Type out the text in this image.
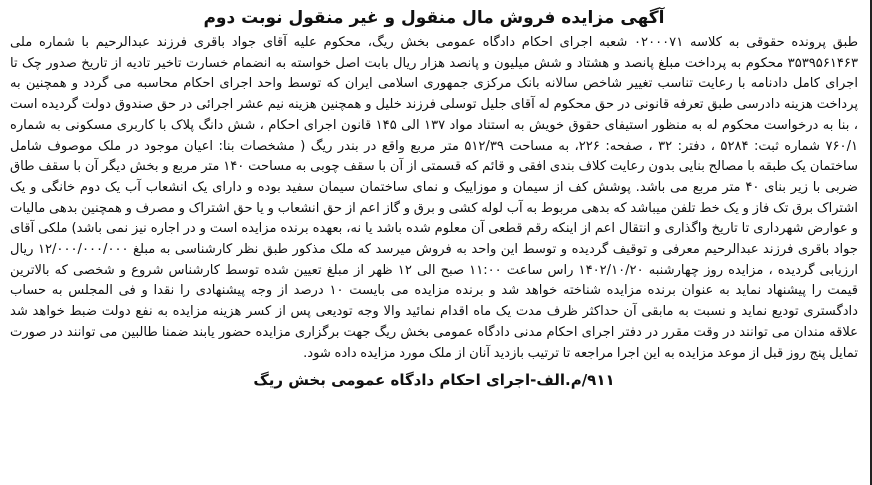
آگهی مزایده فروش مال منقول و غیر منقول نوبت دوم

طبق پرونده حقوقی به کلاسه ۰۲۰۰۰۷۱ شعبه اجرای احکام دادگاه عمومی بخش ریگ، محکوم علیه آقای جواد باقری فرزند عبدالرحیم با شماره ملی ۳۵۳۹۵۶۱۴۶۳ محکوم به پرداخت مبلغ پانصد و هشتاد و شش میلیون و پانصد هزار ریال بابت اصل خواسته به انضمام خسارت تاخیر تادیه از تاریخ صدور چک تا اجرای کامل دادنامه با رعایت تناسب تغییر شاخص سالانه بانک مرکزی جمهوری اسلامی ایران که توسط واحد اجرای احکام محاسبه می گردد و همچنین به پرداخت هزینه دادرسی طبق تعرفه قانونی در حق محکوم له آقای جلیل توسلی فرزند خلیل و همچنین هزینه نیم عشر اجرائی در حق صندوق دولت گردیده است ، بنا به درخواست محکوم له به منظور استیفای حقوق خویش به استناد مواد ۱۳۷ الی ۱۴۵ قانون اجرای احکام ، شش دانگ پلاک با کاربری مسکونی به شماره ۷۶۰/۱ شماره ثبت: ۵۲۸۴ ، دفتر: ۳۲ ، صفحه: ۲۲۶، به مساحت ۵۱۲/۳۹ متر مربع واقع در بندر ریگ ( مشخصات بنا: اعیان موجود در ملک موصوف شامل ساختمان یک طبقه با مصالح بنایی بدون رعایت کلاف بندی افقی و قائم که قسمتی از آن با سقف چوبی به مساحت ۱۴۰ متر مربع و بخش دیگر آن با سقف طاق ضربی با زیر بنای ۴۰ متر مربع می باشد. پوشش کف از سیمان و موزاییک و نمای ساختمان سیمان سفید بوده و دارای یک انشعاب آب یک دوم خانگی و یک اشتراک برق تک فاز و یک خط تلفن میباشد که بدهی مربوط به آب لوله کشی و برق و گاز اعم از حق انشعاب و یا حق اشتراک و مصرف و همچنین بدهی مالیات و عوارض شهرداری تا تاریخ واگذاری و انتقال اعم از اینکه رقم قطعی آن معلوم شده باشد یا نه، بعهده برنده مزایده است و در اجاره نیز نمی باشد) ملکی آقای جواد باقری فرزند عبدالرحیم معرفی و توقیف گردیده و توسط این واحد به فروش میرسد که ملک مذکور طبق نظر کارشناسی به مبلغ ۱۲/۰۰۰/۰۰۰/۰۰۰ ریال ارزیابی گردیده ، مزایده روز چهارشنبه ۱۴۰۲/۱۰/۲۰ راس ساعت ۱۱:۰۰ صبح الی ۱۲ ظهر از مبلغ تعیین شده توسط کارشناس شروع و شخصی که بالاترین قیمت را پیشنهاد نماید به عنوان برنده مزایده شناخته خواهد شد و برنده مزایده می بایست ۱۰ درصد از وجه پیشنهادی را نقدا و فی المجلس به حساب دادگستری تودیع نماید و نسبت به مابقی آن حداکثر ظرف مدت یک ماه اقدام نمائید والا وجه تودیعی پس از کسر هزینه مزایده به نفع دولت ضبط خواهد شد علاقه مندان می توانند در وقت مقرر در دفتر اجرای احکام مدنی دادگاه عمومی بخش ریگ جهت برگزاری مزایده حضور یابند ضمنا طالبین می توانند در صورت تمایل پنج روز قبل از موعد مزایده به این اجرا مراجعه تا ترتیب بازدید آنان از ملک مورد مزایده داده شود.

۹۱۱/م.الف-اجرای احکام دادگاه عمومی بخش ریگ
